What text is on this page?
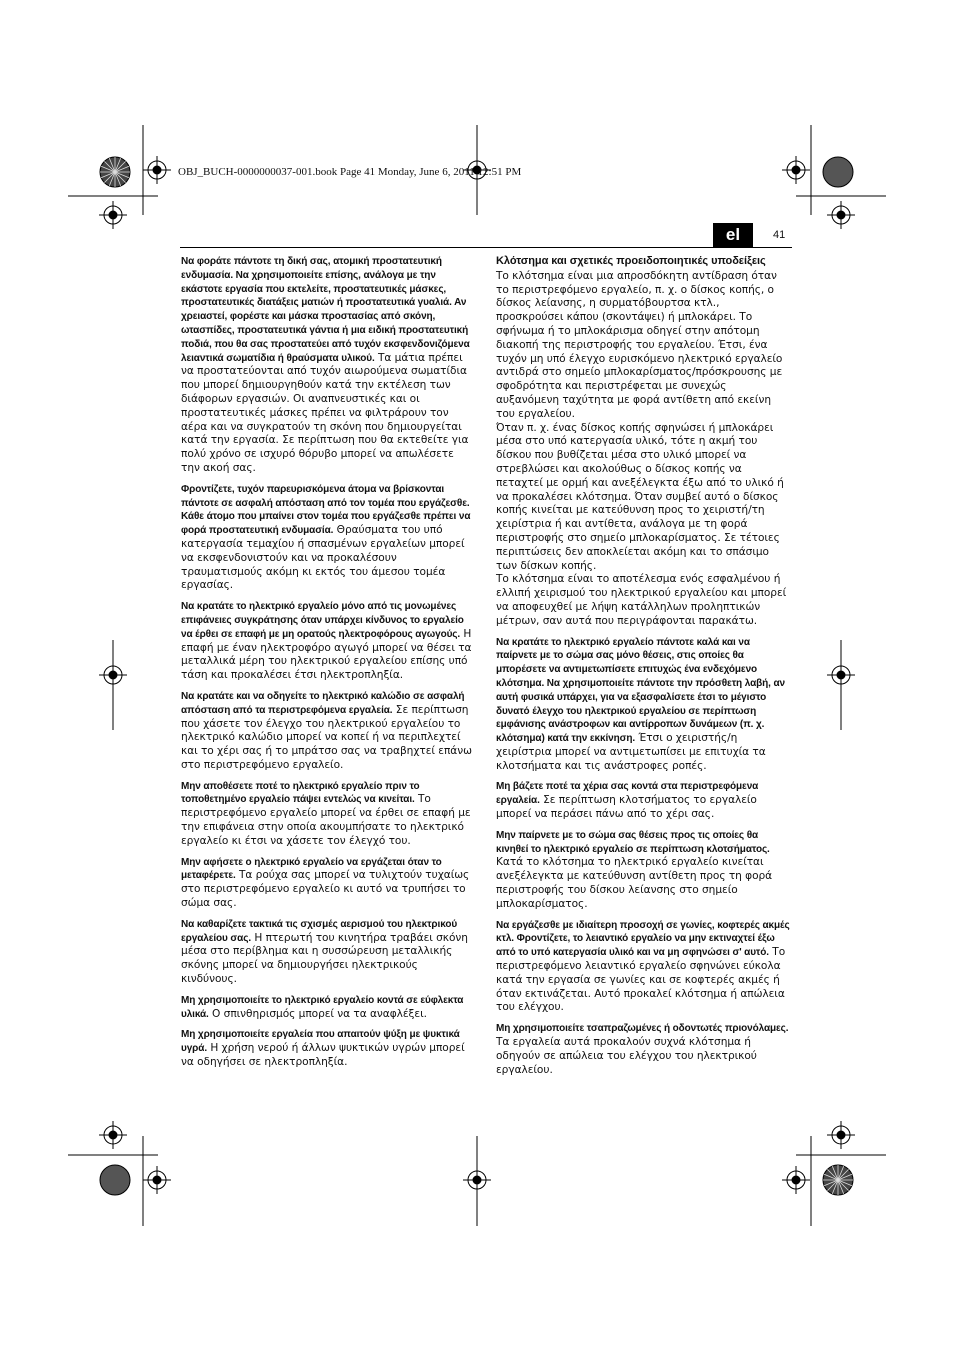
OBJ_BUCH-0000000037-001.book Page 41 Monday, June 6, 2011 12:51 PM
el	41

Να φοράτε πάντοτε τη δική σας, ατομική προστατευτική ενδυμασία. Να χρησιμοποιείτε επίσης, ανάλογα με την εκάστοτε εργασία που εκτελείτε, προστατευτικές μάσκες, προστατευτικές διατάξεις ματιών ή προστατευτικά γυαλιά. Αν χρειαστεί, φορέστε και μάσκα προστασίας από σκόνη, ωτασπίδες, προστατευτικά γάντια ή μια ειδική προστατευτική ποδιά, που θα σας προστατεύει από τυχόν εκσφενδονιζόμενα λειαντικά σωματίδια ή θραύσματα υλικού. Τα μάτια πρέπει να προστατεύονται από τυχόν αιωρούμενα σωματίδια που μπορεί δημιουργηθούν κατά την εκτέλεση των διάφορων εργασιών. Οι αναπνευστικές και οι προστατευτικές μάσκες πρέπει να φιλτράρουν τον αέρα και να συγκρατούν τη σκόνη που δημιουργείται κατά την εργασία. Σε περίπτωση που θα εκτεθείτε για πολύ χρόνο σε ισχυρό θόρυβο μπορεί να απωλέσετε την ακοή σας.

Φροντίζετε, τυχόν παρευρισκόμενα άτομα να βρίσκονται πάντοτε σε ασφαλή απόσταση από τον τομέα που εργάζεσθε. Κάθε άτομο που μπαίνει στον τομέα που εργάζεσθε πρέπει να φορά προστατευτική ενδυμασία. Θραύσματα του υπό κατεργασία τεμαχίου ή σπασμένων εργαλείων μπορεί να εκσφενδονιστούν και να προκαλέσουν τραυματισμούς ακόμη κι εκτός του άμεσου τομέα εργασίας.

Να κρατάτε το ηλεκτρικό εργαλείο μόνο από τις μονωμένες επιφάνειες συγκράτησης όταν υπάρχει κίνδυνος το εργαλείο να έρθει σε επαφή με μη ορατούς ηλεκτροφόρους αγωγούς. Η επαφή με έναν ηλεκτροφόρο αγωγό μπορεί να θέσει τα μεταλλικά μέρη του ηλεκτρικού εργαλείου επίσης υπό τάση και προκαλέσει έτσι ηλεκτροπληξία.

Να κρατάτε και να οδηγείτε το ηλεκτρικό καλώδιο σε ασφαλή απόσταση από τα περιστρεφόμενα εργαλεία. Σε περίπτωση που χάσετε τον έλεγχο του ηλεκτρικού εργαλείου το ηλεκτρικό καλώδιο μπορεί να κοπεί ή να περιπλεχτεί και το χέρι σας ή το μπράτσο σας να τραβηχτεί επάνω στο περιστρεφόμενο εργαλείο.

Μην αποθέσετε ποτέ το ηλεκτρικό εργαλείο πριν το τοποθετημένο εργαλείο πάψει εντελώς να κινείται. Το περιστρεφόμενο εργαλείο μπορεί να έρθει σε επαφή με την επιφάνεια στην οποία ακουμπήσατε το ηλεκτρικό εργαλείο κι έτσι να χάσετε τον έλεγχό του.

Μην αφήσετε ο ηλεκτρικό εργαλείο να εργάζεται όταν το μεταφέρετε. Τα ρούχα σας μπορεί να τυλιχτούν τυχαίως στο περιστρεφόμενο εργαλείο κι αυτό να τρυπήσει το σώμα σας.

Να καθαρίζετε τακτικά τις σχισμές αερισμού του ηλεκτρικού εργαλείου σας. Η πτερωτή του κινητήρα τραβάει σκόνη μέσα στο περίβλημα και η συσσώρευση μεταλλικής σκόνης μπορεί να δημιουργήσει ηλεκτρικούς κινδύνους.

Μη χρησιμοποιείτε το ηλεκτρικό εργαλείο κοντά σε εύφλεκτα υλικά. Ο σπινθηρισμός μπορεί να τα αναφλέξει.

Μη χρησιμοποιείτε εργαλεία που απαιτούν ψύξη με ψυκτικά υγρά. Η χρήση νερού ή άλλων ψυκτικών υγρών μπορεί να οδηγήσει σε ηλεκτροπληξία.

Κλότσημα και σχετικές προειδοποιητικές υποδείξεις

Το κλότσημα είναι μια απροσδόκητη αντίδραση όταν το περιστρεφόμενο εργαλείο, π. χ. ο δίσκος κοπής, ο δίσκος λείανσης, η συρματόβουρτσα κτλ., προσκρούσει κάπου (σκοντάψει) ή μπλοκάρει. Το σφήνωμα ή το μπλοκάρισμα οδηγεί στην απότομη διακοπή της περιστροφής του εργαλείου. Έτσι, ένα τυχόν μη υπό έλεγχο ευρισκόμενο ηλεκτρικό εργαλείο αντιδρά στο σημείο μπλοκαρίσματος/πρόσκρουσης με σφοδρότητα και περιστρέφεται με συνεχώς αυξανόμενη ταχύτητα με φορά αντίθετη από εκείνη του εργαλείου.

Όταν π. χ. ένας δίσκος κοπής σφηνώσει ή μπλοκάρει μέσα στο υπό κατεργασία υλικό, τότε η ακμή του δίσκου που βυθίζεται μέσα στο υλικό μπορεί να στρεβλώσει και ακολούθως ο δίσκος κοπής να πεταχτεί με ορμή και ανεξέλεγκτα έξω από το υλικό ή να προκαλέσει κλότσημα. Όταν συμβεί αυτό ο δίσκος κοπής κινείται με κατεύθυνση προς το χειριστή/τη χειρίστρια ή και αντίθετα, ανάλογα με τη φορά περιστροφής στο σημείο μπλοκαρίσματος. Σε τέτοιες περιπτώσεις δεν αποκλείεται ακόμη και το σπάσιμο των δίσκων κοπής.

Το κλότσημα είναι το αποτέλεσμα ενός εσφαλμένου ή ελλιπή χειρισμού του ηλεκτρικού εργαλείου και μπορεί να αποφευχθεί με λήψη κατάλληλων προληπτικών μέτρων, σαν αυτά που περιγράφονται παρακάτω.

Να κρατάτε το ηλεκτρικό εργαλείο πάντοτε καλά και να παίρνετε με το σώμα σας μόνο θέσεις, στις οποίες θα μπορέσετε να αντιμετωπίσετε επιτυχώς ένα ενδεχόμενο κλότσημα. Να χρησιμοποιείτε πάντοτε την πρόσθετη λαβή, αν αυτή φυσικά υπάρχει, για να εξασφαλίσετε έτσι το μέγιστο δυνατό έλεγχο του ηλεκτρικού εργαλείου σε περίπτωση εμφάνισης ανάστροφων και αντίρροπων δυνάμεων (π. χ. κλότσημα) κατά την εκκίνηση. Έτσι ο χειριστής/η χειρίστρια μπορεί να αντιμετωπίσει με επιτυχία τα κλοτσήματα και τις ανάστροφες ροπές.

Μη βάζετε ποτέ τα χέρια σας κοντά στα περιστρεφόμενα εργαλεία. Σε περίπτωση κλοτσήματος το εργαλείο μπορεί να περάσει πάνω από το χέρι σας.

Μην παίρνετε με το σώμα σας θέσεις προς τις οποίες θα κινηθεί το ηλεκτρικό εργαλείο σε περίπτωση κλοτσήματος. Κατά το κλότσημα το ηλεκτρικό εργαλείο κινείται ανεξέλεγκτα με κατεύθυνση αντίθετη προς τη φορά περιστροφής του δίσκου λείανσης στο σημείο μπλοκαρίσματος.

Να εργάζεσθε με ιδιαίτερη προσοχή σε γωνίες, κοφτερές ακμές κτλ. Φροντίζετε, το λειαντικό εργαλείο να μην εκτιναχτεί έξω από το υπό κατεργασία υλικό και να μη σφηνώσει σ' αυτό. Το περιστρεφόμενο λειαντικό εργαλείο σφηνώνει εύκολα κατά την εργασία σε γωνίες και σε κοφτερές ακμές ή όταν εκτινάζεται. Αυτό προκαλεί κλότσημα ή απώλεια του ελέγχου.

Μη χρησιμοποιείτε τσαπραζωμένες ή οδοντωτές πριονόλαμες. Τα εργαλεία αυτά προκαλούν συχνά κλότσημα ή οδηγούν σε απώλεια του ελέγχου του ηλεκτρικού εργαλείου.
